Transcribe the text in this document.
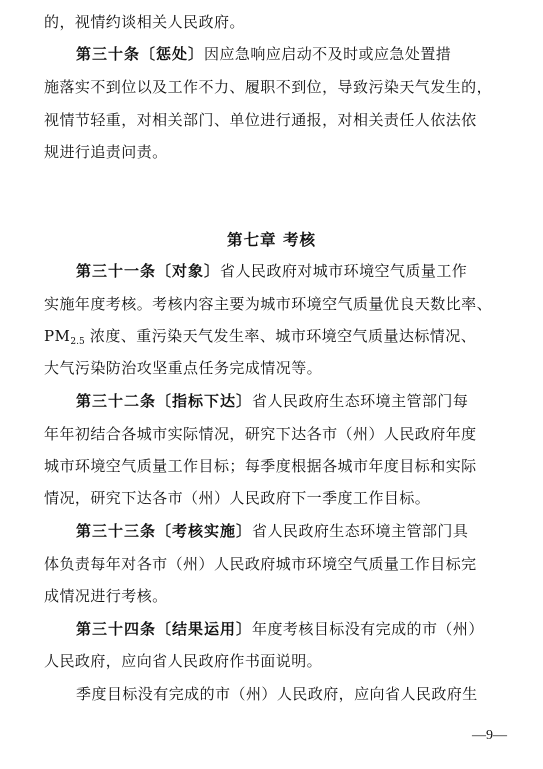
的，视情约谈相关人民政府。
第三十条〔惩处〕因应急响应启动不及时或应急处置措
施落实不到位以及工作不力、履职不到位，导致污染天气发生的，
视情节轻重，对相关部门、单位进行通报，对相关责任人依法依
规进行追责问责。
第七章 考核
第三十一条〔对象〕省人民政府对城市环境空气质量工作
实施年度考核。考核内容主要为城市环境空气质量优良天数比率、
$PM_{2.5}$ 浓度、重污染天气发生率、城市环境空气质量达标情况、
大气污染防治攻坚重点任务完成情况等。
第三十二条〔指标下达〕省人民政府生态环境主管部门每
年年初结合各城市实际情况，研究下达各市（州）人民政府年度
城市环境空气质量工作目标；每季度根据各城市年度目标和实际
情况，研究下达各市（州）人民政府下一季度工作目标。
第三十三条〔考核实施〕省人民政府生态环境主管部门具
体负责每年对各市（州）人民政府城市环境空气质量工作目标完
成情况进行考核。
第三十四条〔结果运用〕年度考核目标没有完成的市（州）
人民政府，应向省人民政府作书面说明。
季度目标没有完成的市（州）人民政府，应向省人民政府生
—9—
